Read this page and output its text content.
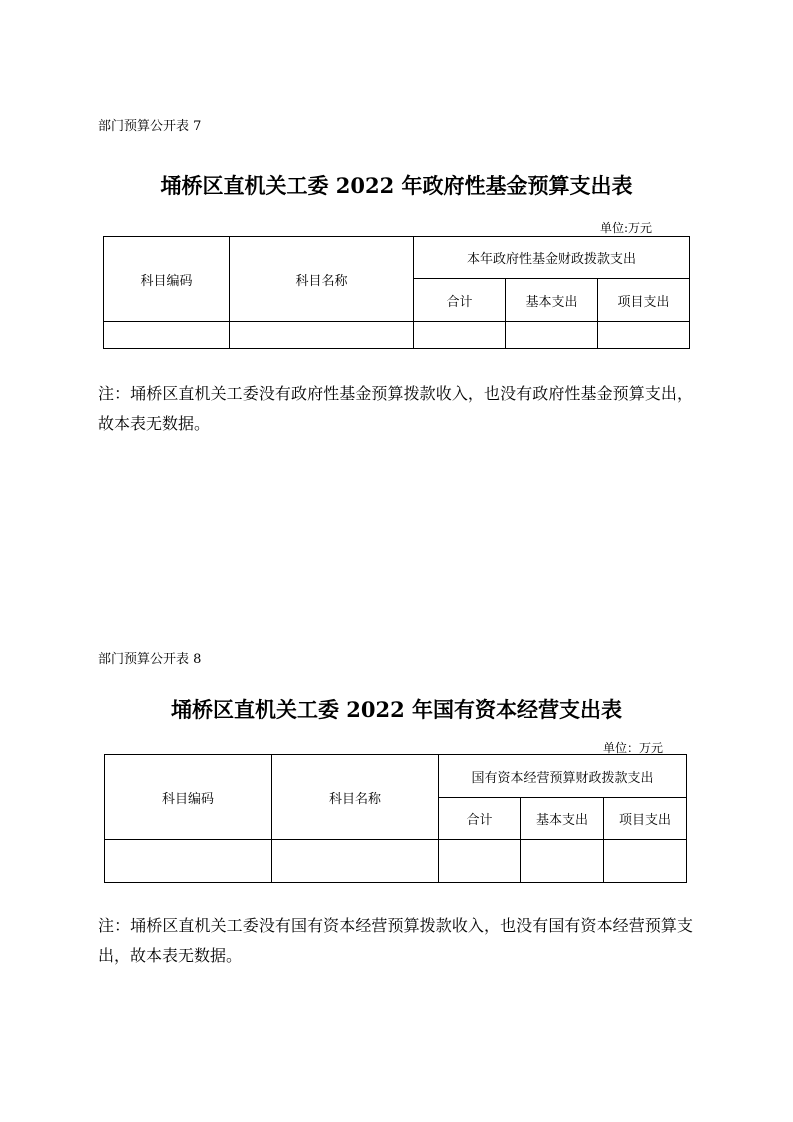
部门预算公开表 7
埇桥区直机关工委 2022 年政府性基金预算支出表
单位:万元
科目编码	科目名称	本年政府性基金财政拨款支出		
		合计	基本支出	项目支出

注：埇桥区直机关工委没有政府性基金预算拨款收入，也没有政府性基金预算支出，故本表无数据。
部门预算公开表 8
埇桥区直机关工委 2022 年国有资本经营支出表
单位：万元
科目编码	科目名称	国有资本经营预算财政拨款支出		
		合计	基本支出	项目支出

注：埇桥区直机关工委没有国有资本经营预算拨款收入，也没有国有资本经营预算支出，故本表无数据。
